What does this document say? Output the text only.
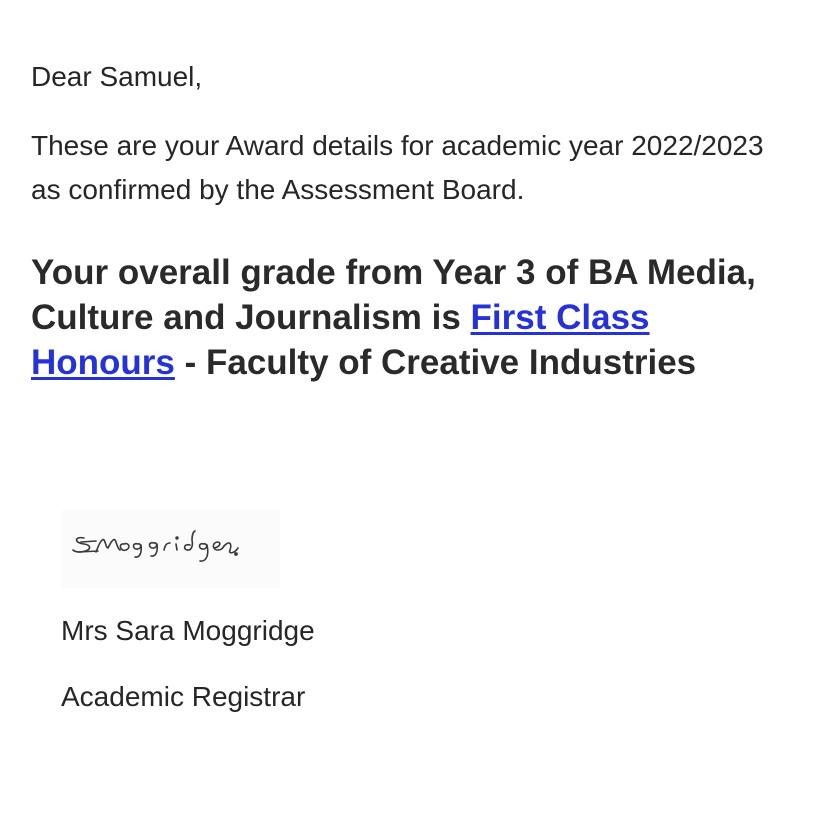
Dear Samuel,

These are your Award details for academic year 2022/2023 as confirmed by the Assessment Board.

Your overall grade from Year 3 of BA Media, Culture and Journalism is First Class Honours - Faculty of Creative Industries

Mrs Sara Moggridge

Academic Registrar
